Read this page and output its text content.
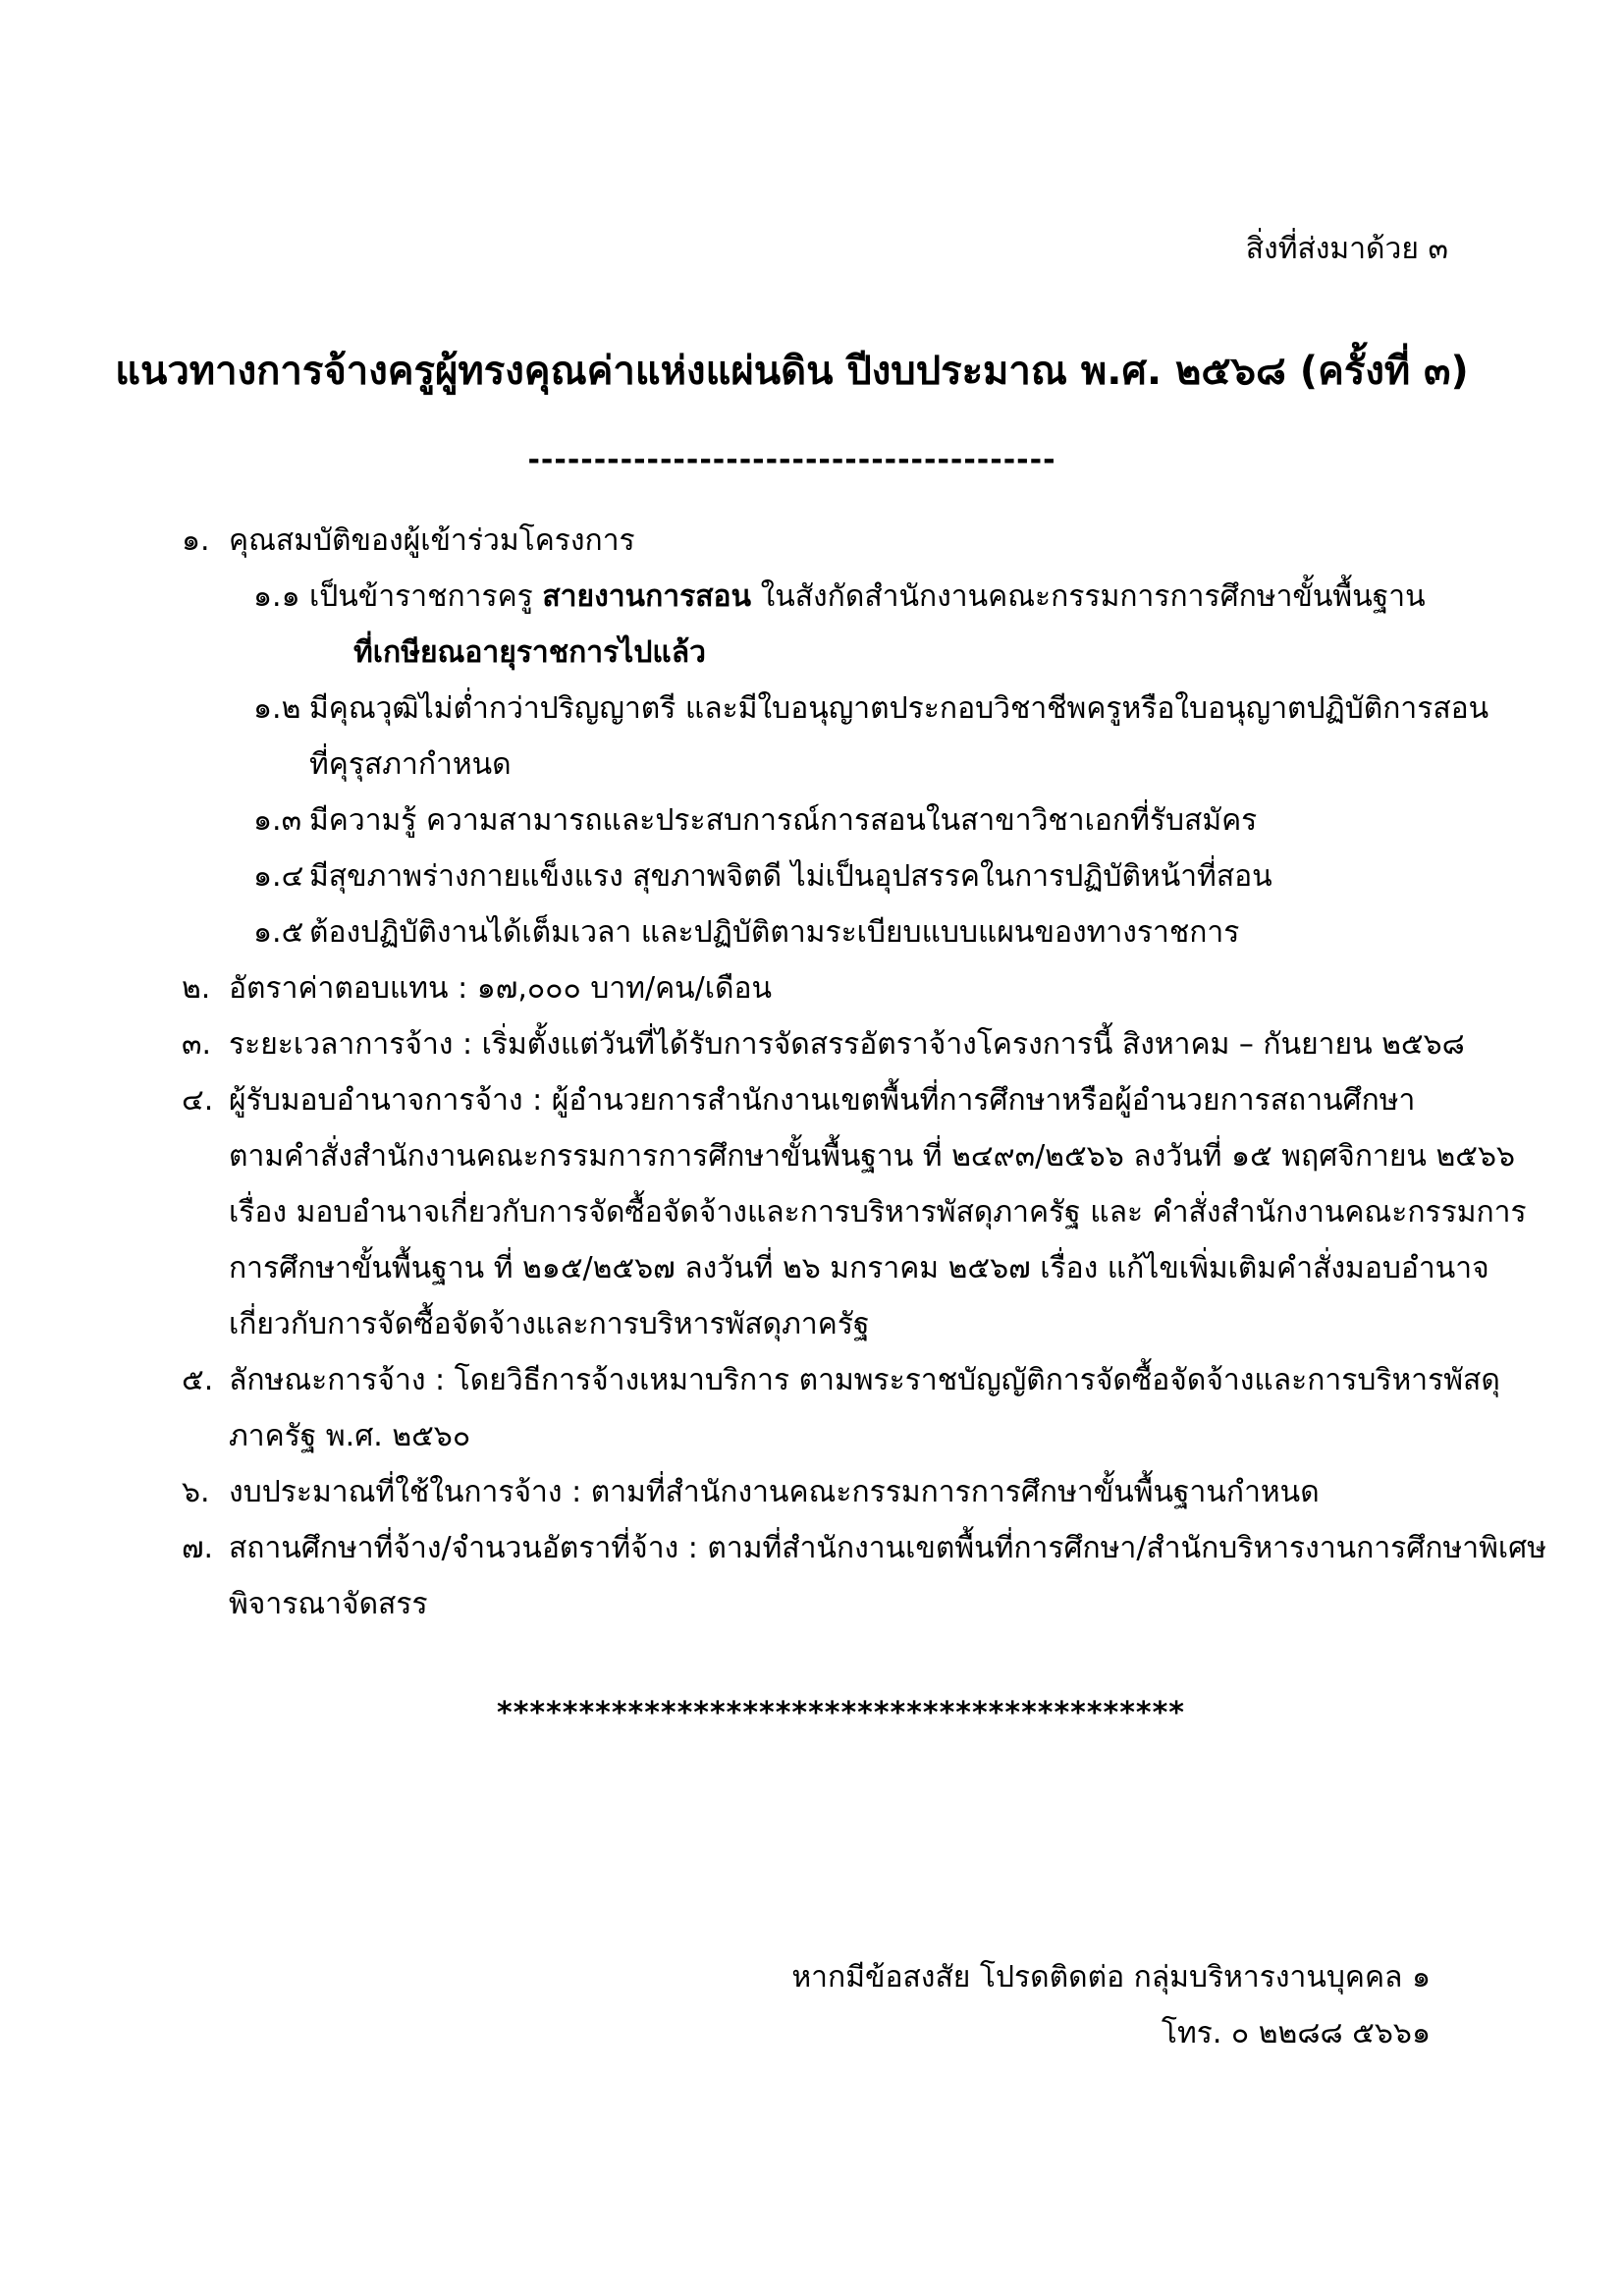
สิ่งที่ส่งมาด้วย ๓
แนวทางการจ้างครูผู้ทรงคุณค่าแห่งแผ่นดิน ปีงบประมาณ พ.ศ. ๒๕๖๘ (ครั้งที่ ๓)
----------------------------------------
๑. คุณสมบัติของผู้เข้าร่วมโครงการ
๑.๑ เป็นข้าราชการครู สายงานการสอน ในสังกัดสำนักงานคณะกรรมการการศึกษาขั้นพื้นฐาน
ที่เกษียณอายุราชการไปแล้ว
๑.๒ มีคุณวุฒิไม่ต่ำกว่าปริญญาตรี และมีใบอนุญาตประกอบวิชาชีพครูหรือใบอนุญาตปฏิบัติการสอน
ที่คุรุสภากำหนด
๑.๓ มีความรู้ ความสามารถและประสบการณ์การสอนในสาขาวิชาเอกที่รับสมัคร
๑.๔ มีสุขภาพร่างกายแข็งแรง สุขภาพจิตดี ไม่เป็นอุปสรรคในการปฏิบัติหน้าที่สอน
๑.๕ ต้องปฏิบัติงานได้เต็มเวลา และปฏิบัติตามระเบียบแบบแผนของทางราชการ
๒. อัตราค่าตอบแทน : ๑๗,๐๐๐ บาท/คน/เดือน
๓. ระยะเวลาการจ้าง : เริ่มตั้งแต่วันที่ได้รับการจัดสรรอัตราจ้างโครงการนี้ สิงหาคม – กันยายน ๒๕๖๘
๔. ผู้รับมอบอำนาจการจ้าง : ผู้อำนวยการสำนักงานเขตพื้นที่การศึกษาหรือผู้อำนวยการสถานศึกษา
ตามคำสั่งสำนักงานคณะกรรมการการศึกษาขั้นพื้นฐาน ที่ ๒๔๙๓/๒๕๖๖ ลงวันที่ ๑๕ พฤศจิกายน ๒๕๖๖
เรื่อง มอบอำนาจเกี่ยวกับการจัดซื้อจัดจ้างและการบริหารพัสดุภาครัฐ และ คำสั่งสำนักงานคณะกรรมการ
การศึกษาขั้นพื้นฐาน ที่ ๒๑๕/๒๕๖๗ ลงวันที่ ๒๖ มกราคม ๒๕๖๗ เรื่อง แก้ไขเพิ่มเติมคำสั่งมอบอำนาจ
เกี่ยวกับการจัดซื้อจัดจ้างและการบริหารพัสดุภาครัฐ
๕. ลักษณะการจ้าง : โดยวิธีการจ้างเหมาบริการ ตามพระราชบัญญัติการจัดซื้อจัดจ้างและการบริหารพัสดุ
ภาครัฐ พ.ศ. ๒๕๖๐
๖. งบประมาณที่ใช้ในการจ้าง : ตามที่สำนักงานคณะกรรมการการศึกษาขั้นพื้นฐานกำหนด
๗. สถานศึกษาที่จ้าง/จำนวนอัตราที่จ้าง : ตามที่สำนักงานเขตพื้นที่การศึกษา/สำนักบริหารงานการศึกษาพิเศษ
พิจารณาจัดสรร
******************************************
หากมีข้อสงสัย โปรดติดต่อ กลุ่มบริหารงานบุคคล ๑
โทร. ๐ ๒๒๘๘ ๕๖๖๑
